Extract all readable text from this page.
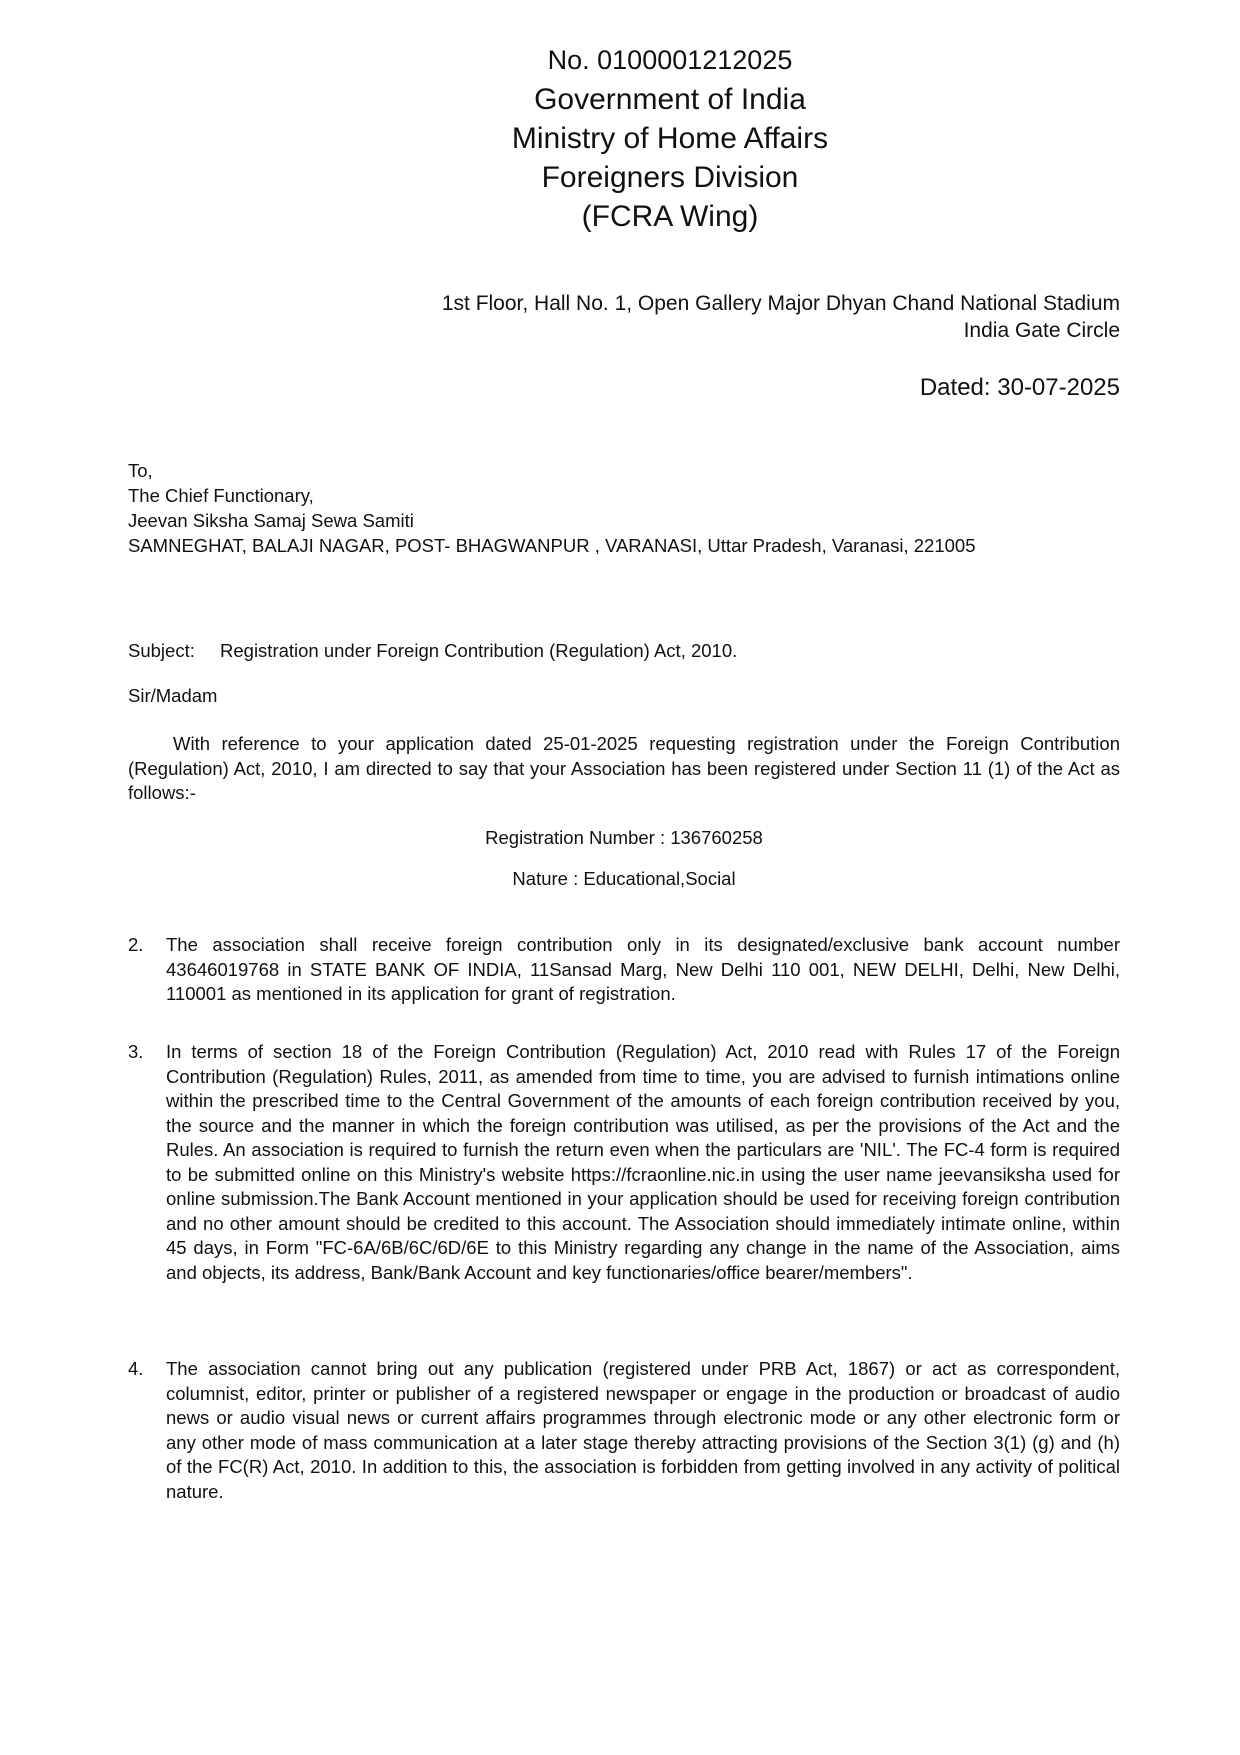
No. 0100001212025
Government of India
Ministry of Home Affairs
Foreigners Division
(FCRA Wing)
1st Floor, Hall No. 1, Open Gallery Major Dhyan Chand National Stadium
India Gate Circle
Dated: 30-07-2025
To,
The Chief Functionary,
Jeevan Siksha Samaj Sewa Samiti
SAMNEGHAT, BALAJI NAGAR, POST- BHAGWANPUR , VARANASI, Uttar Pradesh, Varanasi, 221005
Subject: Registration under Foreign Contribution (Regulation) Act, 2010.
Sir/Madam
With reference to your application dated 25-01-2025 requesting registration under the Foreign Contribution (Regulation) Act, 2010, I am directed to say that your Association has been registered under Section 11 (1) of the Act as follows:-
Registration Number : 136760258
Nature : Educational,Social
2. The association shall receive foreign contribution only in its designated/exclusive bank account number 43646019768 in STATE BANK OF INDIA, 11Sansad Marg, New Delhi 110 001, NEW DELHI, Delhi, New Delhi, 110001 as mentioned in its application for grant of registration.
3. In terms of section 18 of the Foreign Contribution (Regulation) Act, 2010 read with Rules 17 of the Foreign Contribution (Regulation) Rules, 2011, as amended from time to time, you are advised to furnish intimations online within the prescribed time to the Central Government of the amounts of each foreign contribution received by you, the source and the manner in which the foreign contribution was utilised, as per the provisions of the Act and the Rules. An association is required to furnish the return even when the particulars are 'NIL'. The FC-4 form is required to be submitted online on this Ministry's website https://fcraonline.nic.in using the user name jeevansiksha used for online submission.The Bank Account mentioned in your application should be used for receiving foreign contribution and no other amount should be credited to this account. The Association should immediately intimate online, within 45 days, in Form "FC-6A/6B/6C/6D/6E to this Ministry regarding any change in the name of the Association, aims and objects, its address, Bank/Bank Account and key functionaries/office bearer/members".
4. The association cannot bring out any publication (registered under PRB Act, 1867) or act as correspondent, columnist, editor, printer or publisher of a registered newspaper or engage in the production or broadcast of audio news or audio visual news or current affairs programmes through electronic mode or any other electronic form or any other mode of mass communication at a later stage thereby attracting provisions of the Section 3(1) (g) and (h) of the FC(R) Act, 2010. In addition to this, the association is forbidden from getting involved in any activity of political nature.
